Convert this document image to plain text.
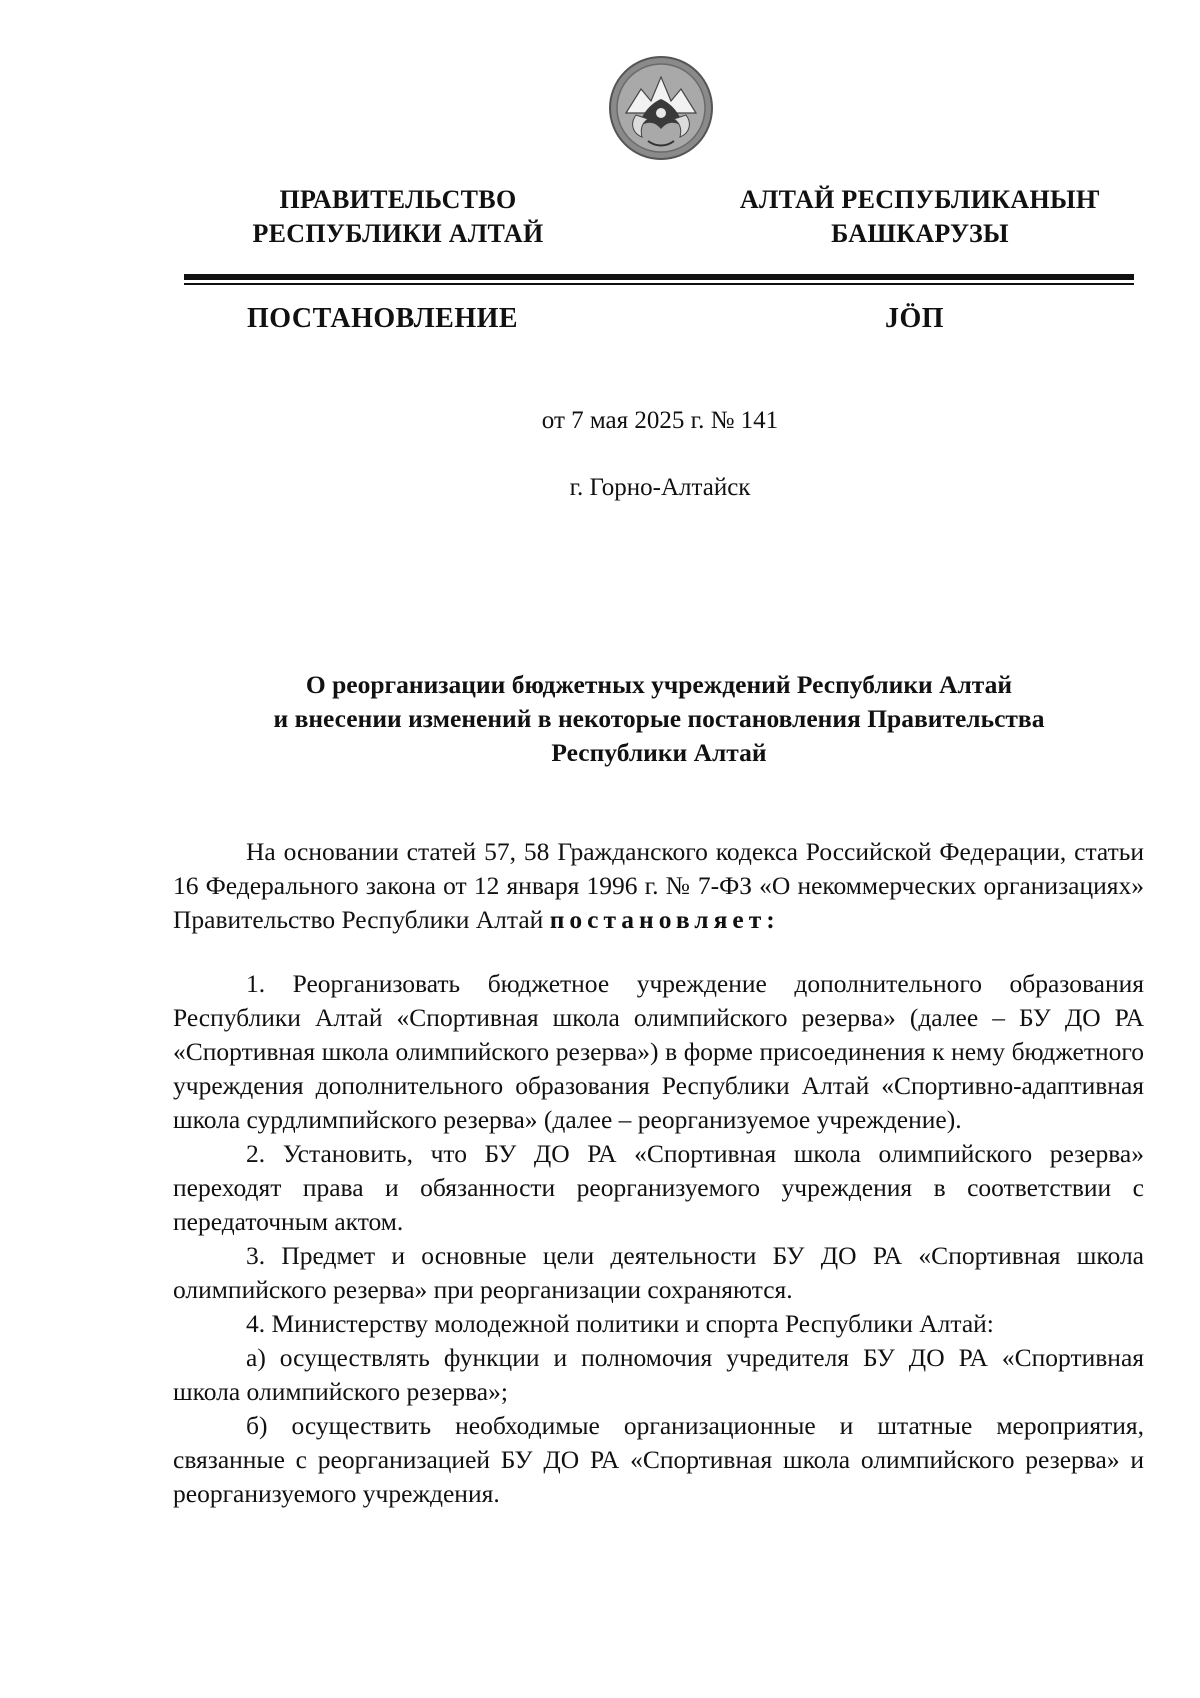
ПРАВИТЕЛЬСТВО
РЕСПУБЛИКИ АЛТАЙ
АЛТАЙ РЕСПУБЛИКАНЫҤ
БАШКАРУЗЫ
ПОСТАНОВЛЕНИЕ	JӦП
от 7 мая 2025 г. № 141
г. Горно-Алтайск
О реорганизации бюджетных учреждений Республики Алтай
и внесении изменений в некоторые постановления Правительства
Республики Алтай

На основании статей 57, 58 Гражданского кодекса Российской Федерации, статьи 16 Федерального закона от 12 января 1996 г. № 7-ФЗ «О некоммерческих организациях» Правительство Республики Алтай постановляет:

1. Реорганизовать бюджетное учреждение дополнительного образования Республики Алтай «Спортивная школа олимпийского резерва» (далее – БУ ДО РА «Спортивная школа олимпийского резерва») в форме присоединения к нему бюджетного учреждения дополнительного образования Республики Алтай «Спортивно-адаптивная школа сурдлимпийского резерва» (далее – реорганизуемое учреждение).

2. Установить, что БУ ДО РА «Спортивная школа олимпийского резерва» переходят права и обязанности реорганизуемого учреждения в соответствии с передаточным актом.

3. Предмет и основные цели деятельности БУ ДО РА «Спортивная школа олимпийского резерва» при реорганизации сохраняются.

4. Министерству молодежной политики и спорта Республики Алтай:

а) осуществлять функции и полномочия учредителя БУ ДО РА «Спортивная школа олимпийского резерва»;

б) осуществить необходимые организационные и штатные мероприятия, связанные с реорганизацией БУ ДО РА «Спортивная школа олимпийского резерва» и реорганизуемого учреждения.
